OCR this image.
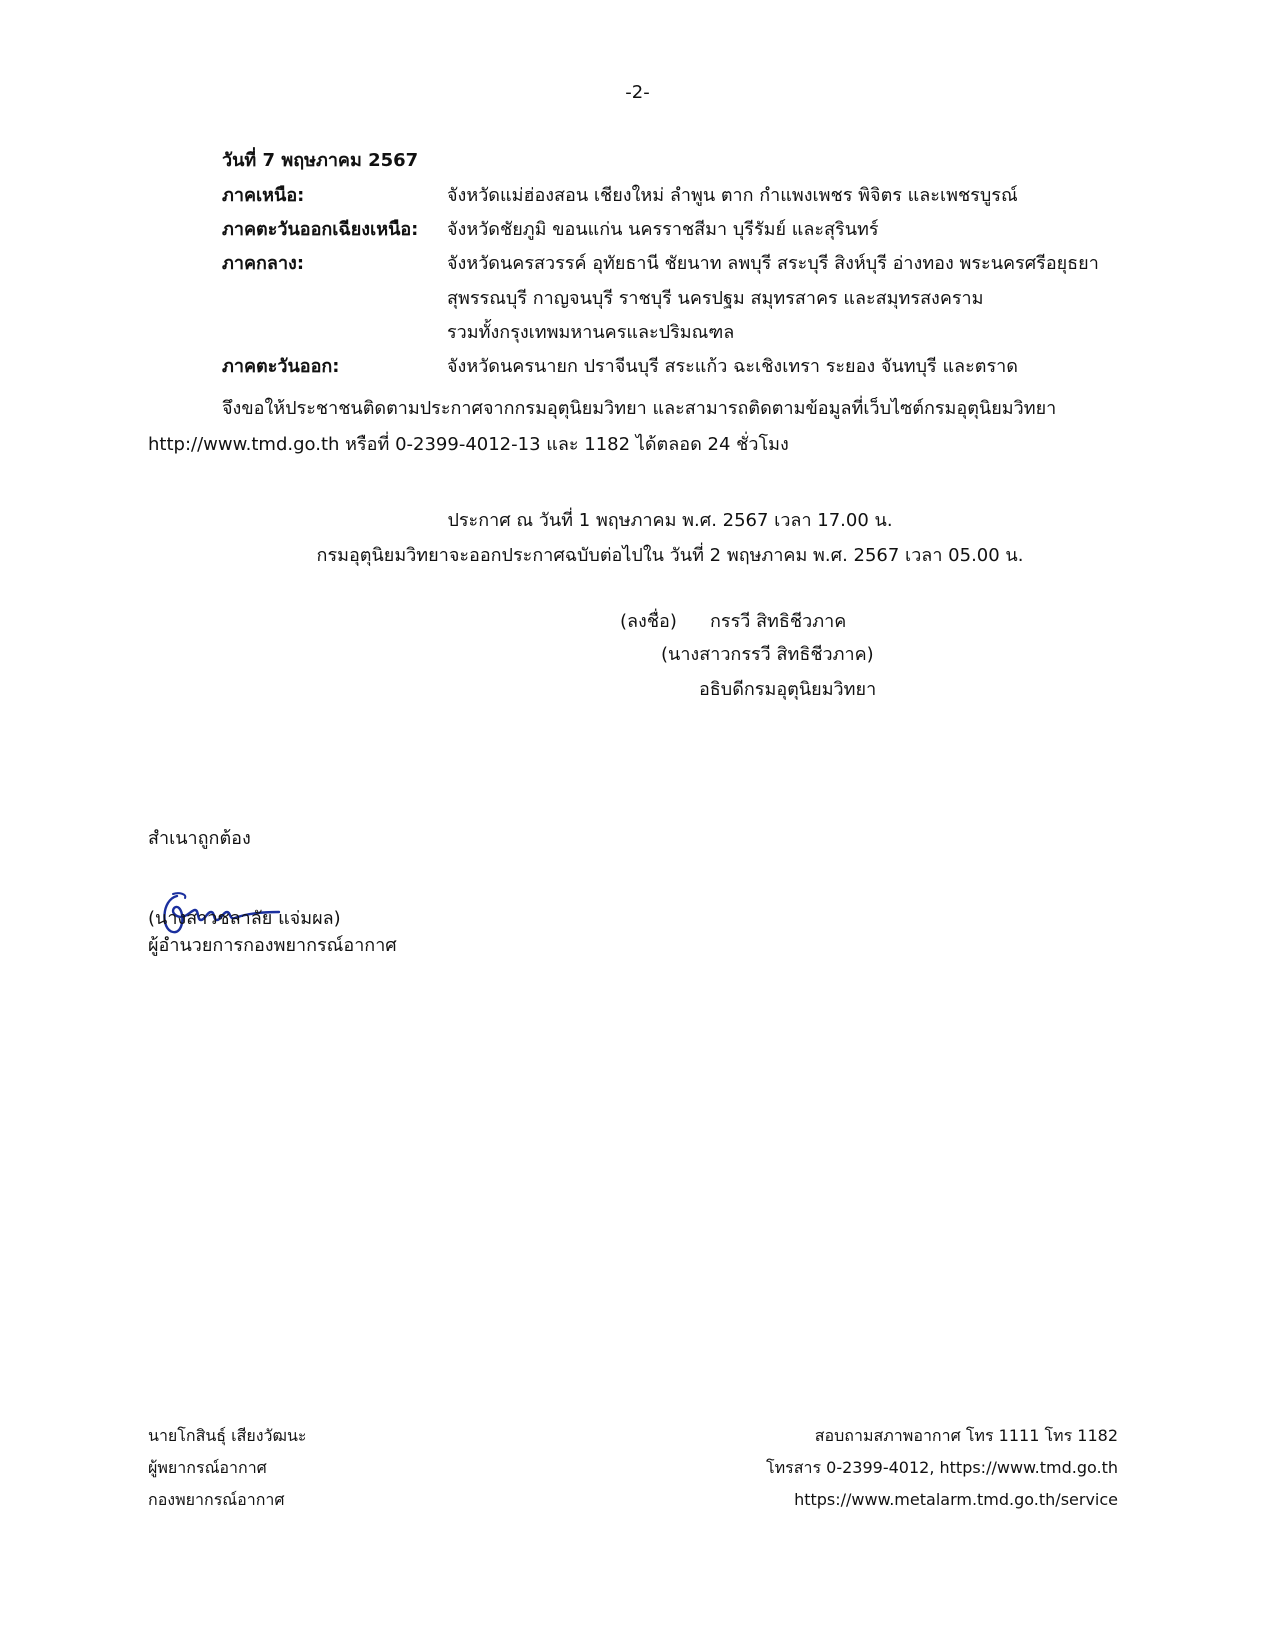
-2-
วันที่ 7 พฤษภาคม 2567
ภาคเหนือ:	จังหวัดแม่ฮ่องสอน เชียงใหม่ ลำพูน ตาก กำแพงเพชร พิจิตร และเพชรบูรณ์
ภาคตะวันออกเฉียงเหนือ: จังหวัดชัยภูมิ ขอนแก่น นครราชสีมา บุรีรัมย์ และสุรินทร์
ภาคกลาง:	จังหวัดนครสวรรค์ อุทัยธานี ชัยนาท ลพบุรี สระบุรี สิงห์บุรี อ่างทอง พระนครศรีอยุธยา
สุพรรณบุรี กาญจนบุรี ราชบุรี นครปฐม สมุทรสาคร และสมุทรสงคราม
รวมทั้งกรุงเทพมหานครและปริมณฑล
ภาคตะวันออก:	จังหวัดนครนายก ปราจีนบุรี สระแก้ว ฉะเชิงเทรา ระยอง จันทบุรี และตราด
จึงขอให้ประชาชนติดตามประกาศจากกรมอุตุนิยมวิทยา และสามารถติดตามข้อมูลที่เว็บไซต์กรมอุตุนิยมวิทยา
http://www.tmd.go.th หรือที่ 0-2399-4012-13 และ 1182 ได้ตลอด 24 ชั่วโมง
ประกาศ ณ วันที่ 1 พฤษภาคม พ.ศ. 2567 เวลา 17.00 น.
กรมอุตุนิยมวิทยาจะออกประกาศฉบับต่อไปใน วันที่ 2 พฤษภาคม พ.ศ. 2567 เวลา 05.00 น.
(ลงชื่อ) กรรวี สิทธิชีวภาค
(นางสาวกรรวี สิทธิชีวภาค)
อธิบดีกรมอุตุนิยมวิทยา
สำเนาถูกต้อง
(นางสาวชลาลัย แจ่มผล)
ผู้อำนวยการกองพยากรณ์อากาศ
นายโกสินธุ์ เสียงวัฒนะ
ผู้พยากรณ์อากาศ
กองพยากรณ์อากาศ
สอบถามสภาพอากาศ โทร 1111 โทร 1182
โทรสาร 0-2399-4012, https://www.tmd.go.th
https://www.metalarm.tmd.go.th/service
